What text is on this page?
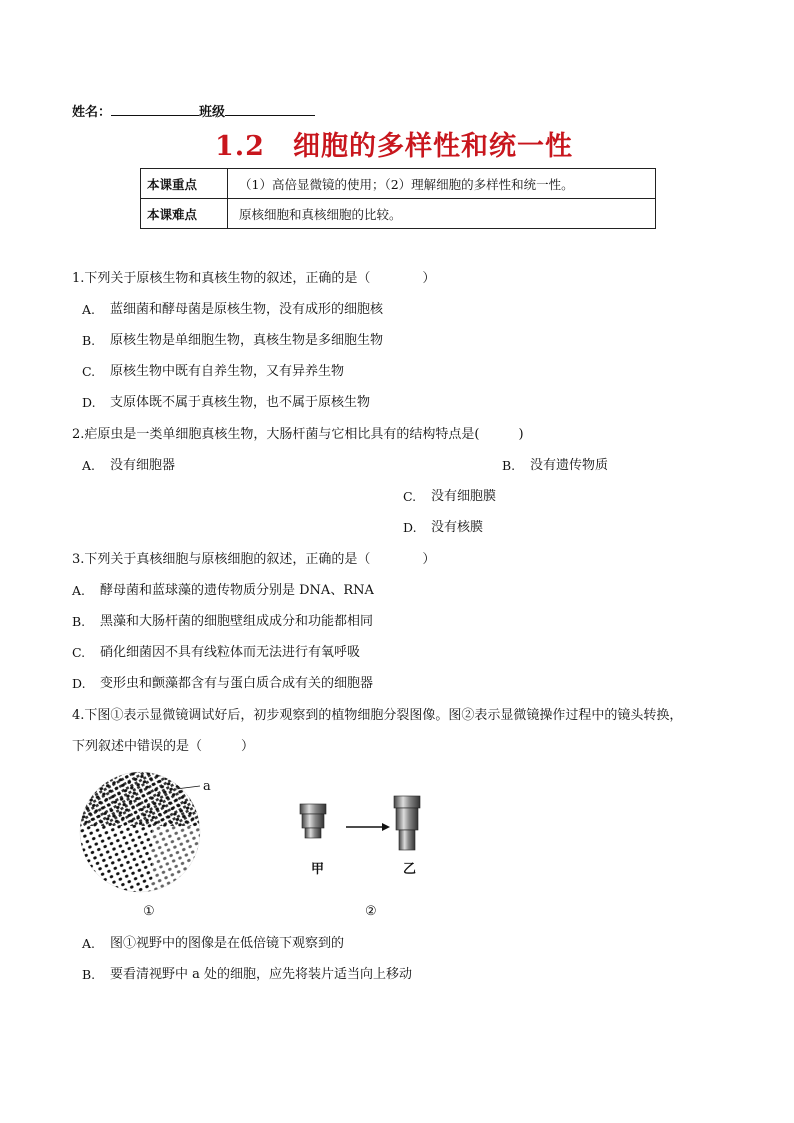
姓名：	班级
1.2　细胞的多样性和统一性
本课重点	（1）高倍显微镜的使用；（2）理解细胞的多样性和统一性。
本课难点	原核细胞和真核细胞的比较。
1.下列关于原核生物和真核生物的叙述，正确的是（　　　　）
A. 蓝细菌和酵母菌是原核生物，没有成形的细胞核
B. 原核生物是单细胞生物，真核生物是多细胞生物
C. 原核生物中既有自养生物，又有异养生物
D. 支原体既不属于真核生物，也不属于原核生物
2.疟原虫是一类单细胞真核生物，大肠杆菌与它相比具有的结构特点是(　　　)
A. 没有细胞器	B. 没有遗传物质
C. 没有细胞膜
D. 没有核膜
3.下列关于真核细胞与原核细胞的叙述，正确的是（　　　　）
A. 酵母菌和蓝球藻的遗传物质分别是 DNA、RNA
B. 黑藻和大肠杆菌的细胞壁组成成分和功能都相同
C. 硝化细菌因不具有线粒体而无法进行有氧呼吸
D. 变形虫和颤藻都含有与蛋白质合成有关的细胞器
4.下图①表示显微镜调试好后，初步观察到的植物细胞分裂图像。图②表示显微镜操作过程中的镜头转换，
下列叙述中错误的是（　　　）
a
①
甲	乙
②
A. 图①视野中的图像是在低倍镜下观察到的
B. 要看清视野中 a 处的细胞，应先将装片适当向上移动
